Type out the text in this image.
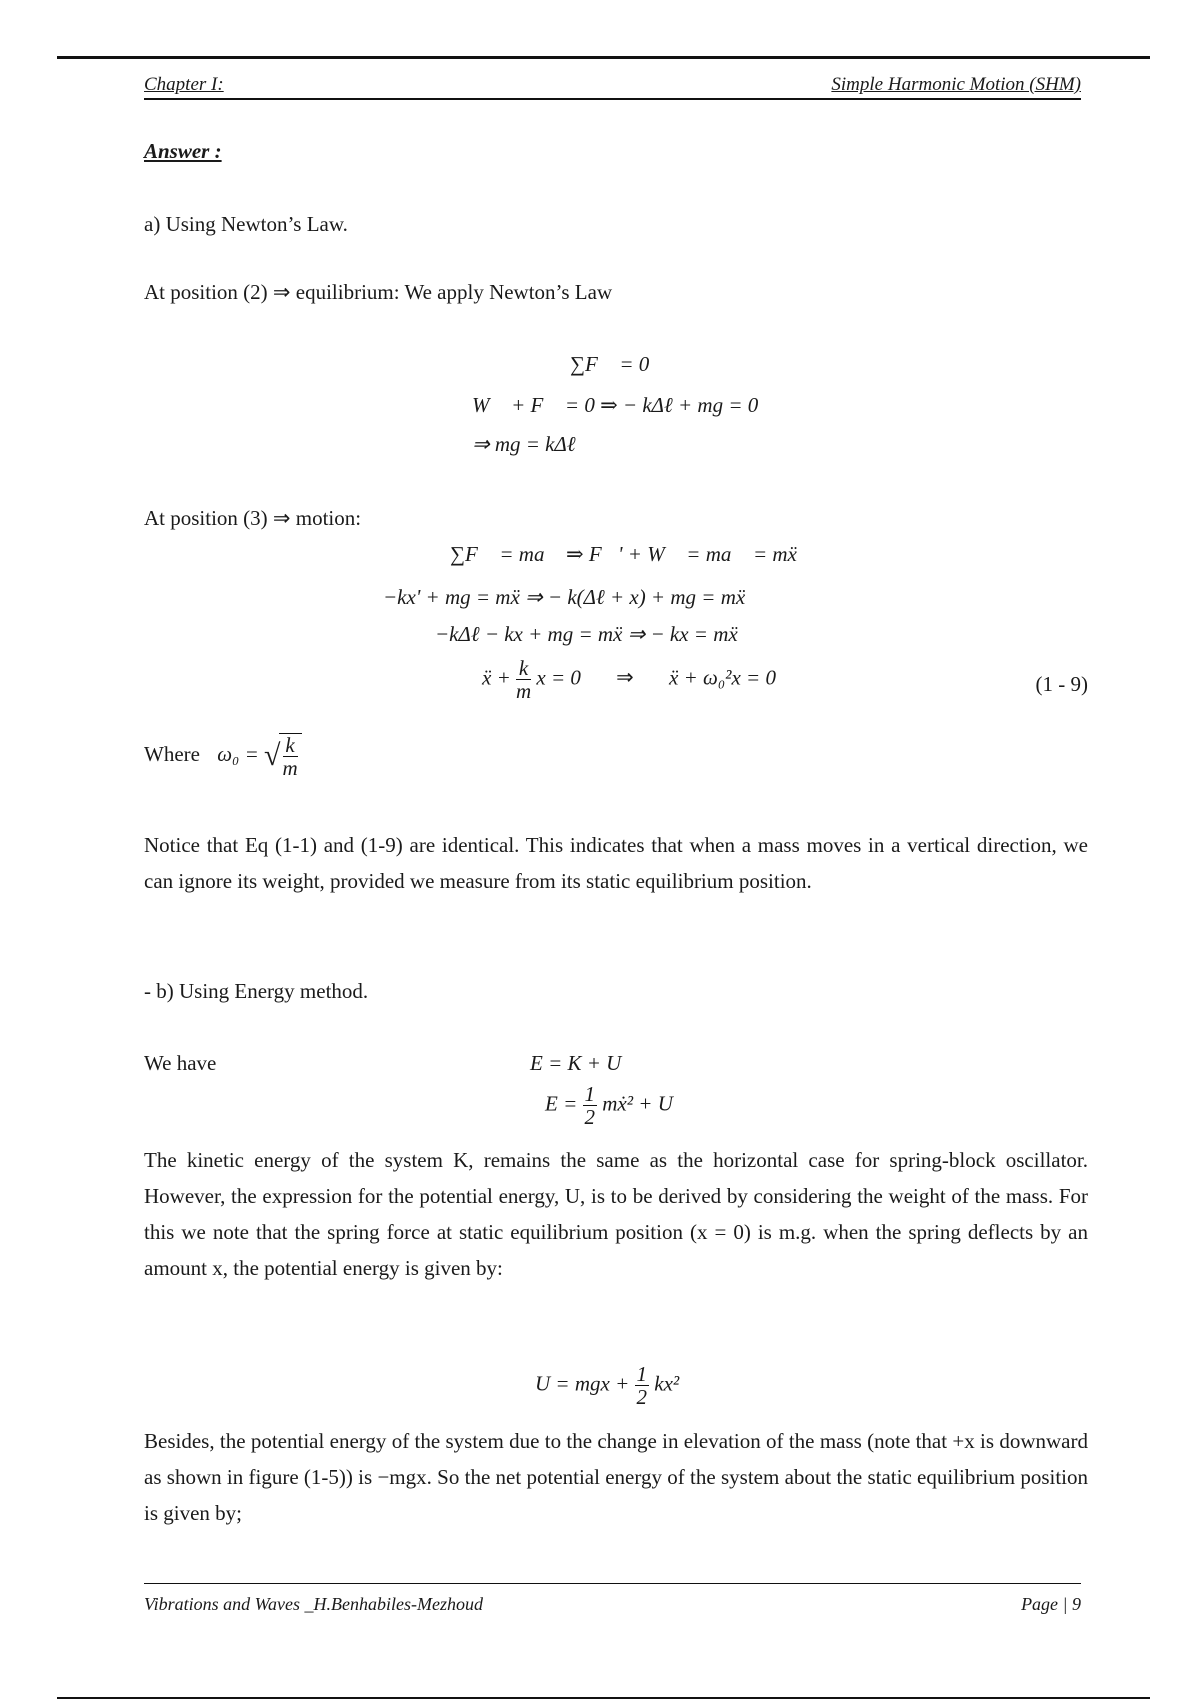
Chapter I:	Simple Harmonic Motion (SHM)
Answer :
a) Using Newton’s Law.
At position (2) ⇒ equilibrium: We apply Newton’s Law
∑F⃗ = 0
W⃗ + F⃗ = 0 ⇒ − kΔℓ + mg = 0
⇒ mg = kΔℓ
At position (3) ⇒ motion:
∑F⃗ = ma⃗ ⇒ F⃗' + W⃗ = ma⃗ = mẍ⃗
−kx' + mg = mẍ ⇒ − k(Δℓ + x) + mg = mẍ
−kΔℓ − kx + mg = mẍ ⇒ − kx = mẍ
ẍ + $\frac{k}{m}$ x = 0 ⇒ ẍ + ω₀²x = 0	(1 - 9)
Where ω₀ = √ $\frac{k}{m}$
Notice that Eq (1-1) and (1-9) are identical. This indicates that when a mass moves in a vertical direction, we can ignore its weight, provided we measure from its static equilibrium position.
- b) Using Energy method.
We have	E = K + U
$E = \frac{1}{2}$ mẋ² + U
The kinetic energy of the system K, remains the same as the horizontal case for spring-block oscillator. However, the expression for the potential energy, U, is to be derived by considering the weight of the mass. For this we note that the spring force at static equilibrium position (x = 0) is m.g. when the spring deflects by an amount x, the potential energy is given by:
U = mgx + $\frac{1}{2} kx^2$
Besides, the potential energy of the system due to the change in elevation of the mass (note that +x is downward as shown in figure (1-5)) is −mgx. So the net potential energy of the system about the static equilibrium position is given by;
Vibrations and Waves _H.Benhabiles-Mezhoud	Page | 9
